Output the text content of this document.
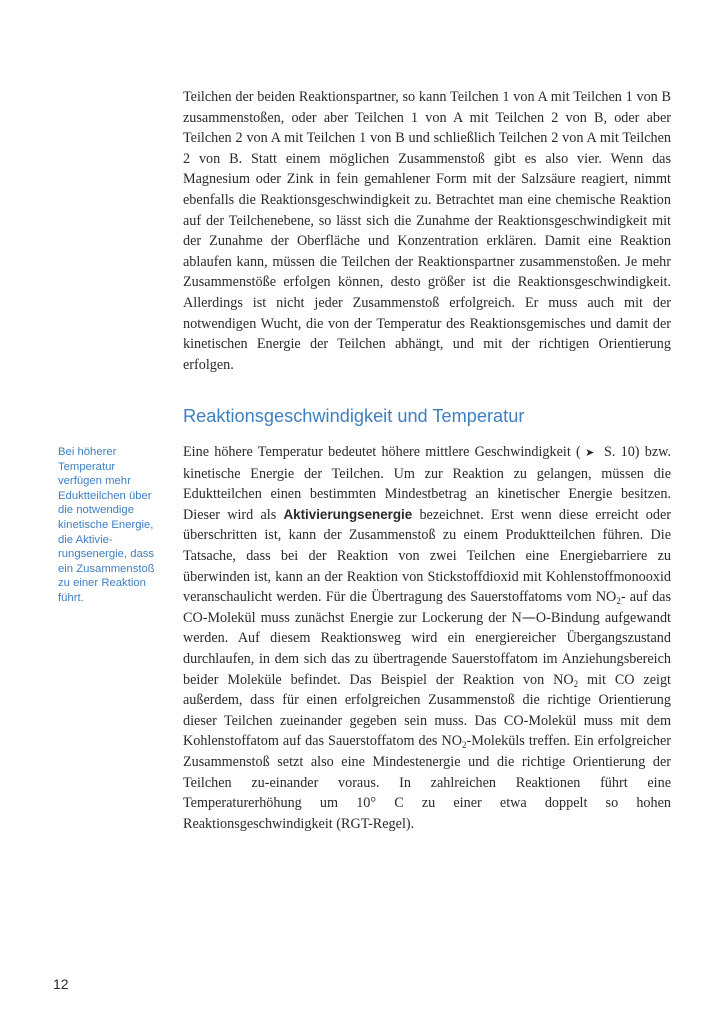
Teilchen der beiden Reaktionspartner, so kann Teilchen 1 von A mit Teilchen 1 von B zusammenstoßen, oder aber Teilchen 1 von A mit Teilchen 2 von B, oder aber Teilchen 2 von A mit Teilchen 1 von B und schließlich Teilchen 2 von A mit Teilchen 2 von B. Statt einem möglichen Zusammenstoß gibt es also vier. Wenn das Magnesium oder Zink in fein gemahlener Form mit der Salzsäure reagiert, nimmt ebenfalls die Reaktionsgeschwindigkeit zu. Betrachtet man eine chemische Reaktion auf der Teilchenebene, so lässt sich die Zunahme der Reaktionsgeschwindigkeit mit der Zunahme der Oberfläche und Konzentration erklären. Damit eine Reaktion ablaufen kann, müssen die Teilchen der Reaktionspartner zusammenstoßen. Je mehr Zusammenstöße erfolgen können, desto größer ist die Reaktionsgeschwindigkeit. Allerdings ist nicht jeder Zusammenstoß erfolgreich. Er muss auch mit der notwendigen Wucht, die von der Temperatur des Reaktionsgemisches und damit der kinetischen Energie der Teilchen abhängt, und mit der richtigen Orientierung erfolgen.

Reaktionsgeschwindigkeit und Temperatur
Bei höherer Temperatur verfügen mehr Eduktteilchen über die notwendige kinetische Energie, die Aktivierungsenergie, dass ein Zusammenstoß zu einer Reaktion führt.

Eine höhere Temperatur bedeutet höhere mittlere Geschwindigkeit ( ➤ S. 10) bzw. kinetische Energie der Teilchen. Um zur Reaktion zu gelangen, müssen die Eduktteilchen einen bestimmten Mindestbetrag an kinetischer Energie besitzen. Dieser wird als Aktivierungsenergie bezeichnet. Erst wenn diese erreicht oder überschritten ist, kann der Zusammenstoß zu einem Produktteilchen führen. Die Tatsache, dass bei der Reaktion von zwei Teilchen eine Energiebarriere zu überwinden ist, kann an der Reaktion von Stickstoffdioxid mit Kohlenstoffmonooxid veranschaulicht werden. Für die Übertragung des Sauerstoffatoms vom $NO_2-$ auf das CO-Molekül muss zunächst Energie zur Lockerung der N—O-Bindung aufgewandt werden. Auf diesem Reaktionsweg wird ein energiereicher Übergangszustand durchlaufen, in dem sich das zu übertragende Sauerstoffatom im Anziehungsbereich beider Moleküle befindet. Das Beispiel der Reaktion von $NO_2$ mit CO zeigt außerdem, dass für einen erfolgreichen Zusammenstoß die richtige Orientierung dieser Teilchen zueinander gegeben sein muss. Das CO-Molekül muss mit dem Kohlenstoffatom auf das Sauerstoffatom des $NO_2$-Moleküls treffen. Ein erfolgreicher Zusammenstoß setzt also eine Mindestenergie und die richtige Orientierung der Teilchen zu-einander voraus. In zahlreichen Reaktionen führt eine Temperaturerhöhung um 10° C zu einer etwa doppelt so hohen Reaktionsgeschwindigkeit (RGT-Regel).

12
